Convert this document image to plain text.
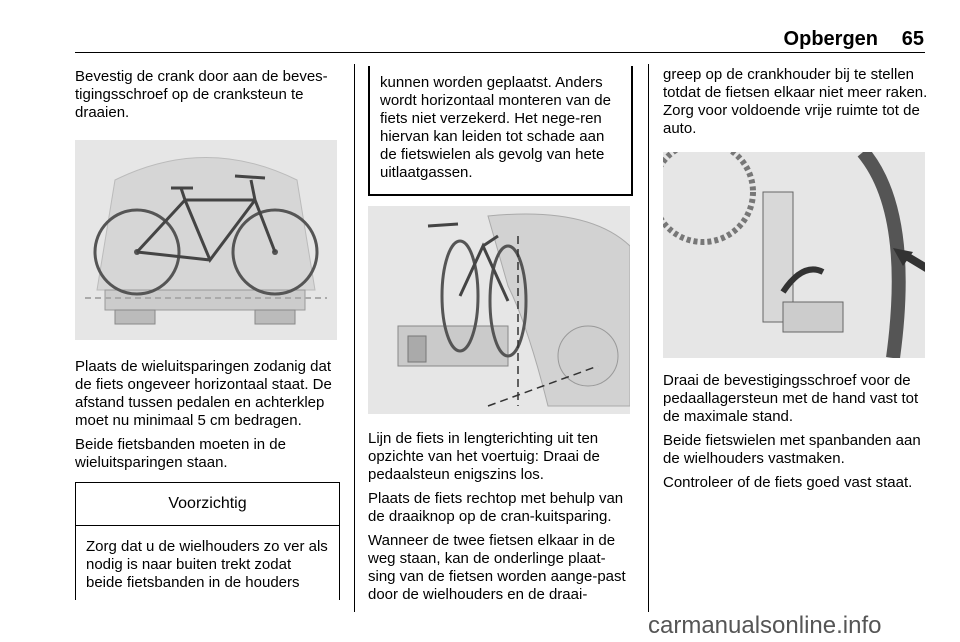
Opbergen 65

Bevestig de crank door aan de beves-tigingsschroef op de cranksteun te draaien.

Plaats de wieluitsparingen zodanig dat de fiets ongeveer horizontaal staat. De afstand tussen pedalen en achterklep moet nu minimaal 5 cm bedragen.

Beide fietsbanden moeten in de wieluitsparingen staan.

Voorzichtig
Zorg dat u de wielhouders zo ver als nodig is naar buiten trekt zodat beide fietsbanden in de houders
kunnen worden geplaatst. Anders wordt horizontaal monteren van de fiets niet verzekerd. Het nege-ren hiervan kan leiden tot schade aan de fietswielen als gevolg van hete uitlaatgassen.

Lijn de fiets in lengterichting uit ten opzichte van het voertuig: Draai de pedaalsteun enigszins los.

Plaats de fiets rechtop met behulp van de draaiknop op de cran-kuitsparing.

Wanneer de twee fietsen elkaar in de weg staan, kan de onderlinge plaat-sing van de fietsen worden aange-past door de wielhouders en de draai-

greep op de crankhouder bij te stellen totdat de fietsen elkaar niet meer raken. Zorg voor voldoende vrije ruimte tot de auto.

Draai de bevestigingsschroef voor de pedaallagersteun met de hand vast tot de maximale stand.

Beide fietswielen met spanbanden aan de wielhouders vastmaken.

Controleer of de fiets goed vast staat.

carmanualsonline.info
